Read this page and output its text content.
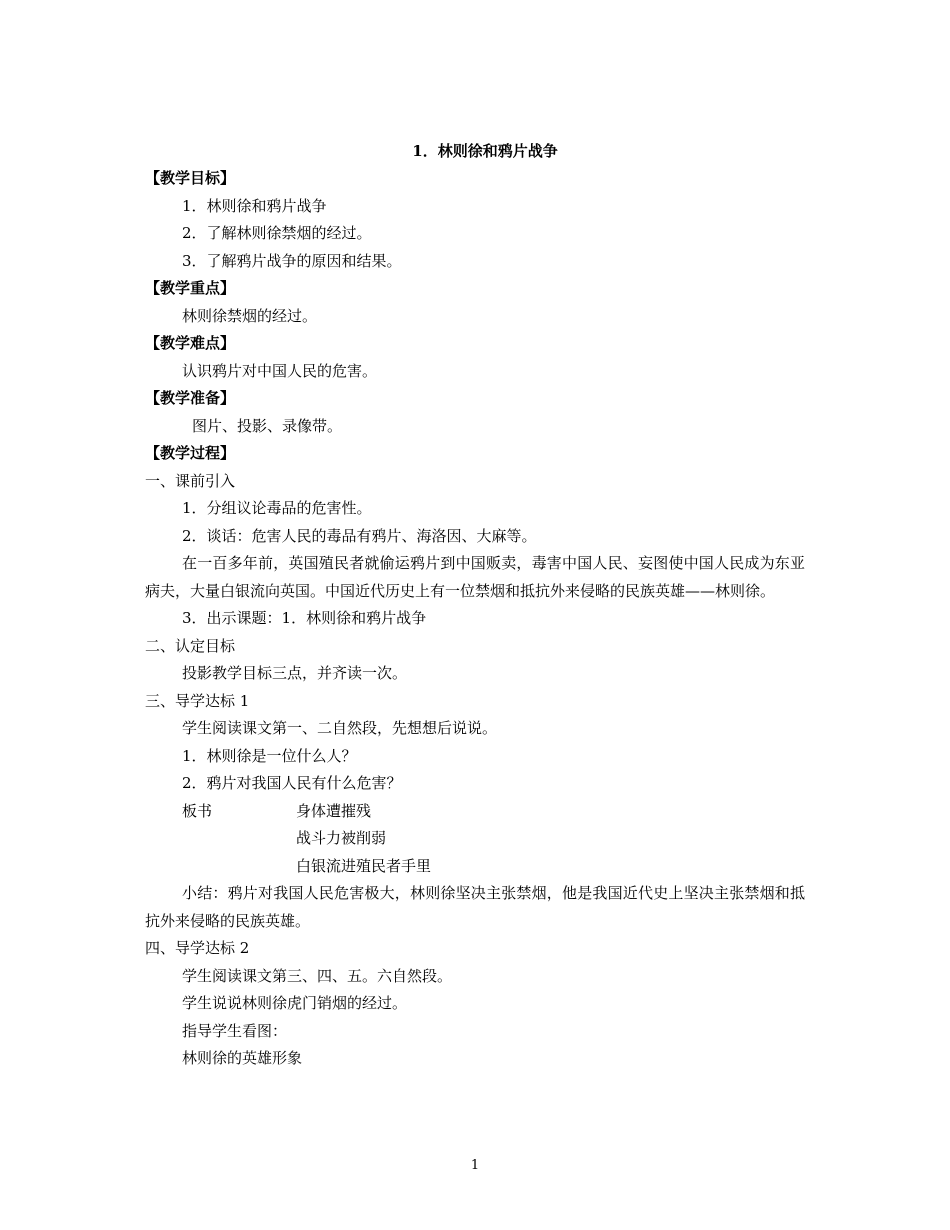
1．林则徐和鸦片战争
【教学目标】
1．林则徐和鸦片战争
2．了解林则徐禁烟的经过。
3．了解鸦片战争的原因和结果。
【教学重点】
林则徐禁烟的经过。
【教学难点】
认识鸦片对中国人民的危害。
【教学准备】
图片、投影、录像带。
【教学过程】
一、课前引入
1．分组议论毒品的危害性。
2．谈话：危害人民的毒品有鸦片、海洛因、大麻等。
在一百多年前，英国殖民者就偷运鸦片到中国贩卖，毒害中国人民、妄图使中国人民成为东亚病夫，大量白银流向英国。中国近代历史上有一位禁烟和抵抗外来侵略的民族英雄——林则徐。
3．出示课题：1．林则徐和鸦片战争
二、认定目标
投影教学目标三点，并齐读一次。
三、导学达标 1
学生阅读课文第一、二自然段，先想想后说说。
1．林则徐是一位什么人？
2．鸦片对我国人民有什么危害？
板书	身体遭摧残
战斗力被削弱
白银流进殖民者手里
小结：鸦片对我国人民危害极大，林则徐坚决主张禁烟，他是我国近代史上坚决主张禁烟和抵抗外来侵略的民族英雄。
四、导学达标 2
学生阅读课文第三、四、五。六自然段。
学生说说林则徐虎门销烟的经过。
指导学生看图：
林则徐的英雄形象
1
